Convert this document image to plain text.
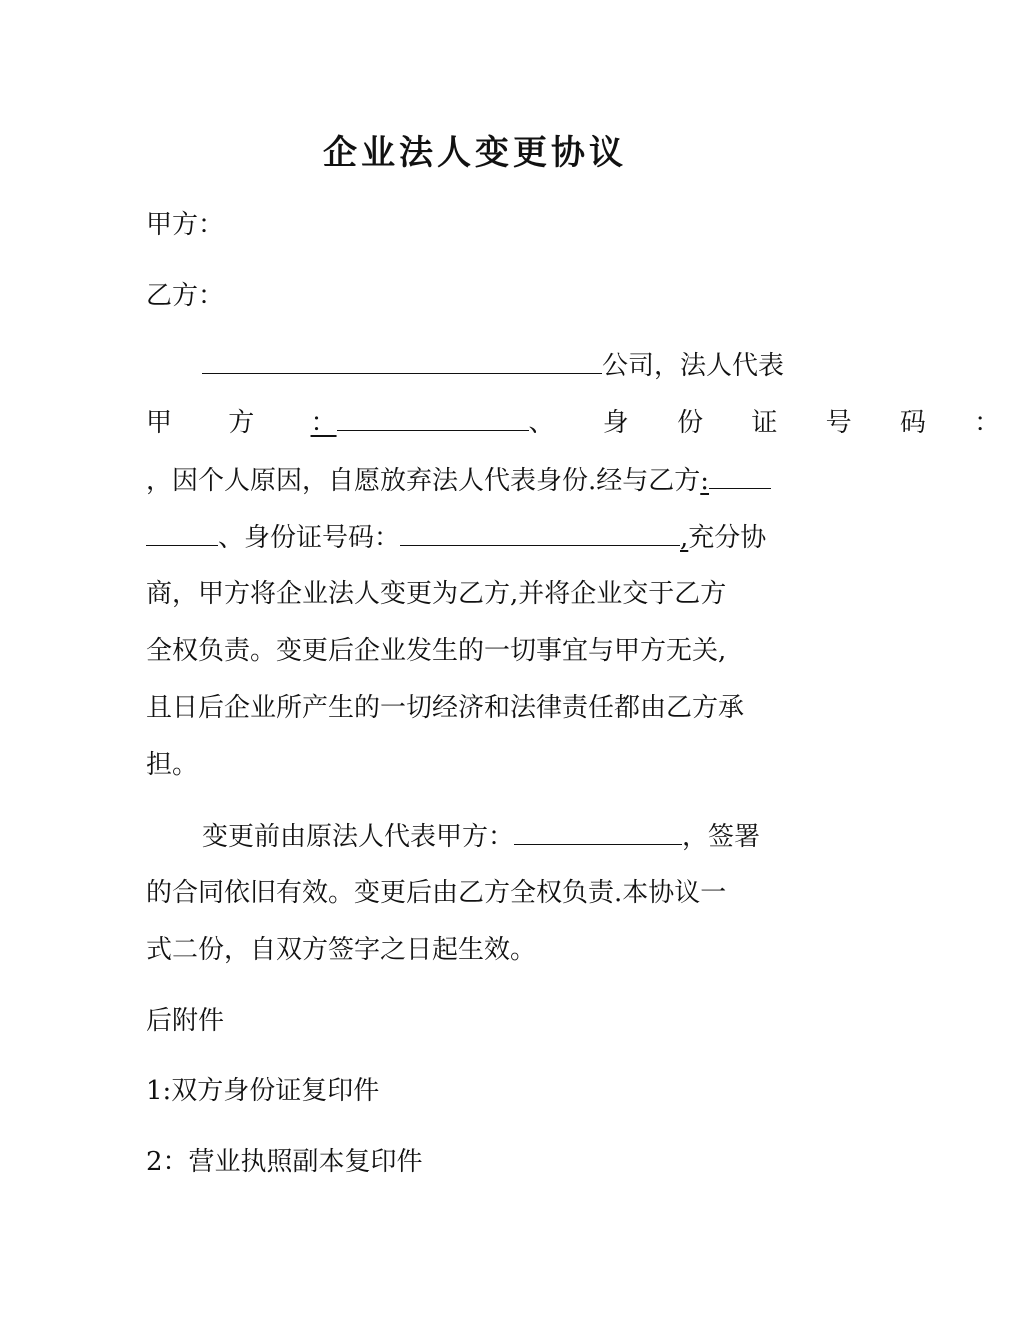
企业法人变更协议
甲方：
乙方：
公司，法人代表
甲 方 ：	、 身 份 证 号 码 ：
，因个人原因，自愿放弃法人代表身份.经与乙方:
、身份证号码：	,充分协
商，甲方将企业法人变更为乙方,并将企业交于乙方
全权负责。变更后企业发生的一切事宜与甲方无关,
且日后企业所产生的一切经济和法律责任都由乙方承
担。
变更前由原法人代表甲方：	，签署
的合同依旧有效。变更后由乙方全权负责.本协议一
式二份，自双方签字之日起生效。
后附件
1:双方身份证复印件
2：营业执照副本复印件
